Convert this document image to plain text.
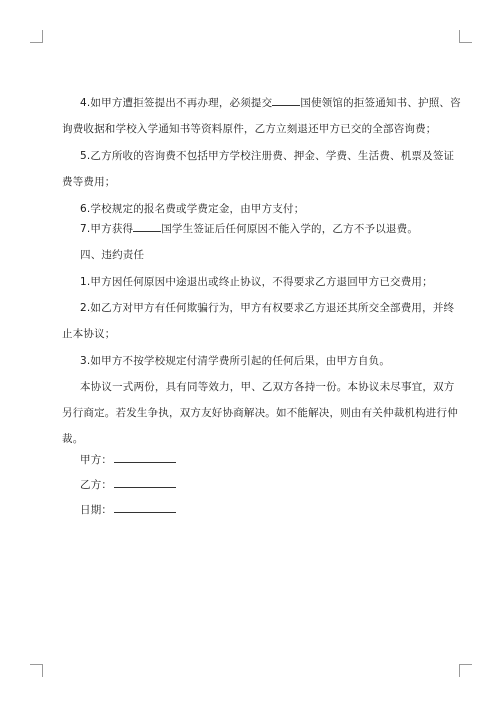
4.如甲方遭拒签提出不再办理，必须提交	国使领馆的拒签通知书、护照、咨
询费收据和学校入学通知书等资料原件，乙方立刻退还甲方已交的全部咨询费；
5.乙方所收的咨询费不包括甲方学校注册费、押金、学费、生活费、机票及签证
费等费用；
6.学校规定的报名费或学费定金，由甲方支付；
7.甲方获得	国学生签证后任何原因不能入学的，乙方不予以退费。
四、违约责任
1.甲方因任何原因中途退出或终止协议，不得要求乙方退回甲方已交费用；
2.如乙方对甲方有任何欺骗行为，甲方有权要求乙方退还其所交全部费用，并终
止本协议；
3.如甲方不按学校规定付清学费所引起的任何后果，由甲方自负。
本协议一式两份，具有同等效力，甲、乙双方各持一份。本协议未尽事宜，双方
另行商定。若发生争执，双方友好协商解决。如不能解决，则由有关仲裁机构进行仲
裁。
甲方：
乙方：
日期：
